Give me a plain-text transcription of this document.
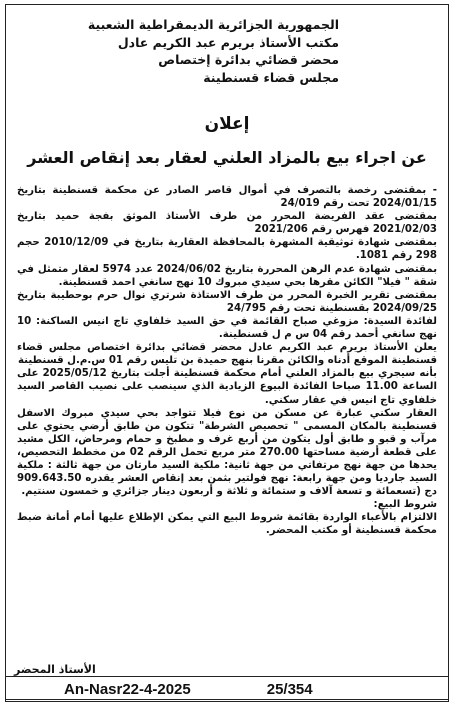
الجمهورية الجزائرية الديمقراطية الشعبية
مكتب الأستاذ بريرم عبد الكريم عادل
محضر قضائي بدائرة إختصاص
مجلس قضاء قسنطينة
إعلان
عن اجراء بيع بالمزاد العلني لعقار بعد إنقاص العشر

- بمقتضى رخصة بالتصرف في أموال قاصر الصادر عن محكمة قسنطينة بتاريخ 2024/01/15 تحت رقم 24/019

بمقتضى عقد الفريضة المحرر من طرف الأستاذ الموثق بفجة حميد بتاريخ 2021/02/03 فهرس رقم 2021/206

بمقتضى شهادة توثيقية المشهرة بالمحافظة العقارية بتاريخ في 2010/12/09 حجم 298 رقم 1081.

بمقتضى شهادة عدم الرهن المحررة بتاريخ 2024/06/02 عدد 5974 لعقار متمثل في شقة " فيلا" الكائن مقرها بحي سيدي مبروك 10 نهج سانغي احمد قسنطينة.

بمقتضى تقرير الخبرة المحرر من طرف الاستاذة شرتري نوال حرم بوحطيبة بتاريخ 2024/09/25 بقسنطينة تحت رقم 24/795

لفائدة السيدة: مزوغي صباح القائمة في حق السيد خلفاوي تاج انيس الساكنة: 10 نهج سانغي أحمد رقم 04 س م ل قسنطينة.

يعلن الأستاذ بريرم عبد الكريم عادل محضر قضائي بدائرة اختصاص مجلس قضاء قسنطينة الموقع أدناه والكائن مقرنا بنهج حميدة بن تليس رقم 01 س.م.ل قسنطينة

بأنه سيجري بيع بالمزاد العلني أمام محكمة قسنطينة أجلت بتاريخ 2025/05/12 على الساعة 11.00 صباحا الفائدة البيوع الزيادية الذي سينصب على نصيب القاصر السيد خلفاوي تاج انيس في عقار سكني.

العقار سكني عبارة عن مسكن من نوع فيلا تتواجد بحي سيدي مبروك الاسفل قسنطينة بالمكان المسمى " تحصيص الشرطة" تتكون من طابق أرضي يحتوي على مرآب و قبو و طابق أول يتكون من أربع غرف و مطبخ و حمام ومرحاض، الكل مشيد على قطعة أرضية مساحتها 270.00 متر مربع تحمل الرقم 02 من مخطط التحصيص، يحدها من جهة نهج مرتفاتي من جهة ثانية: ملكية السيد مارتان من جهة ثالثة : ملكية السيد جارديا ومن جهة رابعة: نهج فولتير بثمن بعد إنقاص العشر يقدره 909.643.50 دج (تسعمائة و تسعة آلاف و ستمائة و ثلاثة و أربعون دينار جزائري و خمسون سنتيم.

شروط البيع:

الالتزام بالأعباء الواردة بقائمة شروط البيع التي يمكن الإطلاع عليها أمام أمانة ضبط محكمة قسنطينة أو مكتب المحضر.

الأستاذ المحضر
An-Nasr22-4-2025	25/354
